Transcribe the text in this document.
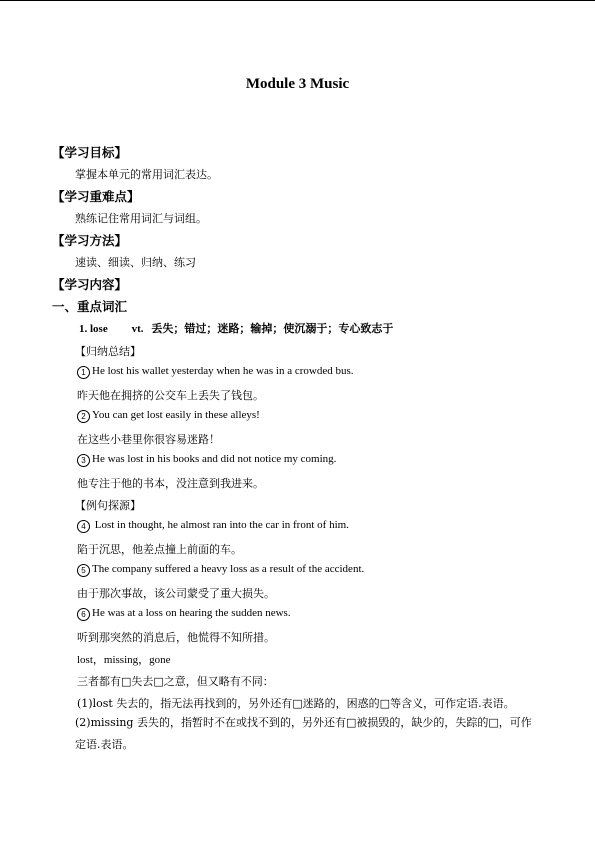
Module 3 Music
【学习目标】
掌握本单元的常用词汇表达。
【学习重难点】
熟练记住常用词汇与词组。
【学习方法】
速读、细读、归纳、练习
【学习内容】
一、重点词汇
1. lose vt. 丢失；错过；迷路；输掉；使沉溺于；专心致志于
【归纳总结】
1 He lost his wallet yesterday when he was in a crowded bus.
昨天他在拥挤的公交车上丢失了钱包。
2 You can get lost easily in these alleys!
在这些小巷里你很容易迷路！
3 He was lost in his books and did not notice my coming.
他专注于他的书本，没注意到我进来。
【例句探源】
4 Lost in thought, he almost ran into the car in front of him.
陷于沉思，他差点撞上前面的车。
5 The company suffered a heavy loss as a result of the accident.
由于那次事故，该公司蒙受了重大损失。
6 He was at a loss on hearing the sudden news.
听到那突然的消息后，他慌得不知所措。
lost，missing，gone
三者都有□失去□之意，但又略有不同：
(1)lost 失去的，指无法再找到的，另外还有□迷路的，困惑的□等含义，可作定语.表语。
(2)missing 丢失的，指暂时不在或找不到的，另外还有□被损毁的，缺少的，失踪的□，可作定语.表语。
